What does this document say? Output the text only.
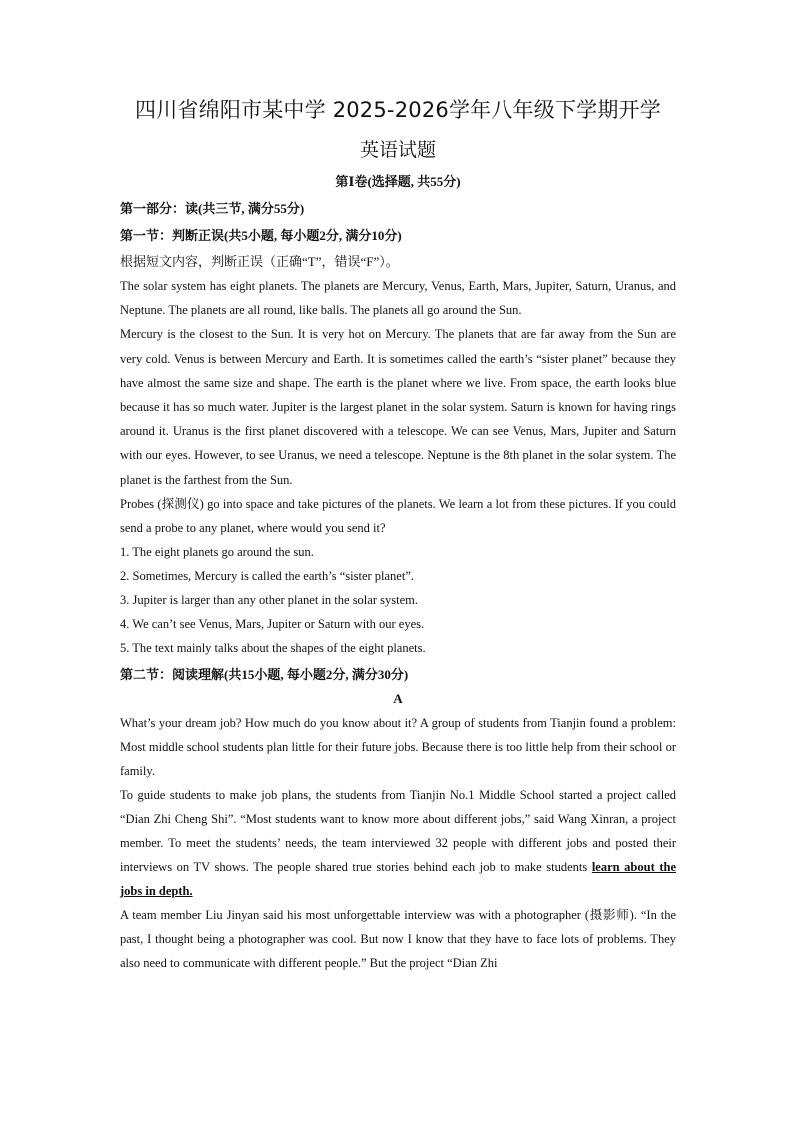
四川省绵阳市某中学 2025-2026学年八年级下学期开学
英语试题
第Ⅰ卷(选择题, 共55分)
第一部分：读(共三节, 满分55分)
第一节：判断正误(共5小题, 每小题2分, 满分10分)
根据短文内容，判断正误（正确“T”，错误“F”）。

The solar system has eight planets. The planets are Mercury, Venus, Earth, Mars, Jupiter, Saturn, Uranus, and Neptune. The planets are all round, like balls. The planets all go around the Sun.

Mercury is the closest to the Sun. It is very hot on Mercury. The planets that are far away from the Sun are very cold. Venus is between Mercury and Earth. It is sometimes called the earth’s “sister planet” because they have almost the same size and shape. The earth is the planet where we live. From space, the earth looks blue because it has so much water. Jupiter is the largest planet in the solar system. Saturn is known for having rings around it. Uranus is the first planet discovered with a telescope. We can see Venus, Mars, Jupiter and Saturn with our eyes. However, to see Uranus, we need a telescope. Neptune is the 8th planet in the solar system. The planet is the farthest from the Sun.

Probes (探测仪) go into space and take pictures of the planets. We learn a lot from these pictures. If you could send a probe to any planet, where would you send it?

1. The eight planets go around the sun.

2. Sometimes, Mercury is called the earth’s “sister planet”.

3. Jupiter is larger than any other planet in the solar system.

4. We can’t see Venus, Mars, Jupiter or Saturn with our eyes.

5. The text mainly talks about the shapes of the eight planets.

第二节：阅读理解(共15小题, 每小题2分, 满分30分)
A

What’s your dream job? How much do you know about it? A group of students from Tianjin found a problem: Most middle school students plan little for their future jobs. Because there is too little help from their school or family.

To guide students to make job plans, the students from Tianjin No.1 Middle School started a project called “Dian Zhi Cheng Shi”. “Most students want to know more about different jobs,” said Wang Xinran, a project member. To meet the students’ needs, the team interviewed 32 people with different jobs and posted their interviews on TV shows. The people shared true stories behind each job to make students learn about the jobs in depth.

A team member Liu Jinyan said his most unforgettable interview was with a photographer (摄影师). “In the past, I thought being a photographer was cool. But now I know that they have to face lots of problems. They also need to communicate with different people.” But the project “Dian Zhi
